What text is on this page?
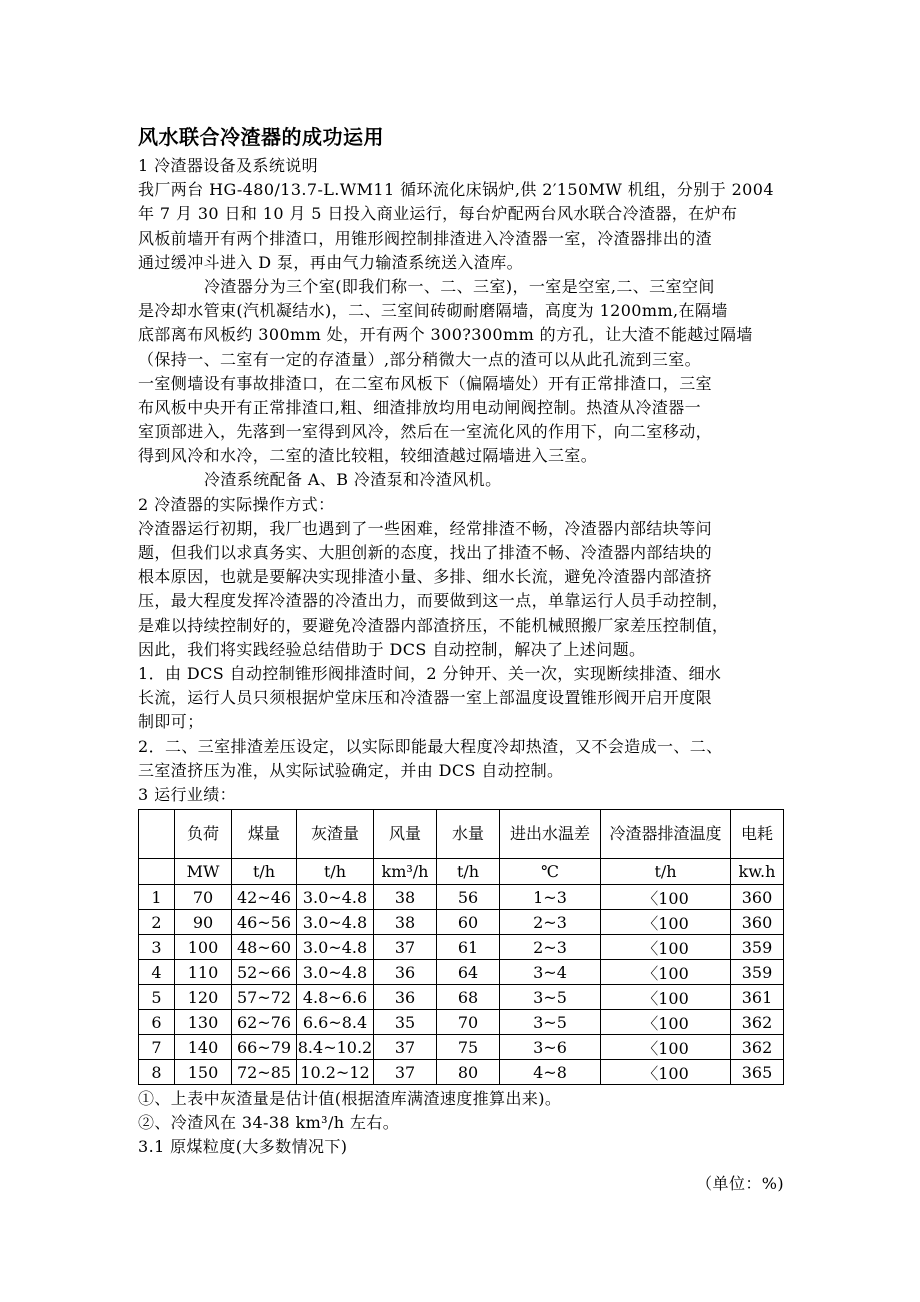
风水联合冷渣器的成功运用
1 冷渣器设备及系统说明
我厂两台 HG-480/13.7-L.WM11 循环流化床锅炉,供 2′150MW 机组，分别于 2004
年 7 月 30 日和 10 月 5 日投入商业运行，每台炉配两台风水联合冷渣器，在炉布
风板前墙开有两个排渣口，用锥形阀控制排渣进入冷渣器一室，冷渣器排出的渣
通过缓冲斗进入 D 泵，再由气力输渣系统送入渣库。
冷渣器分为三个室(即我们称一、二、三室)，一室是空室,二、三室空间
是冷却水管束(汽机凝结水)，二、三室间砖砌耐磨隔墙，高度为 1200mm,在隔墙
底部离布风板约 300mm 处，开有两个 300?300mm 的方孔，让大渣不能越过隔墙
（保持一、二室有一定的存渣量）,部分稍微大一点的渣可以从此孔流到三室。
一室侧墙设有事故排渣口，在二室布风板下（偏隔墙处）开有正常排渣口，三室
布风板中央开有正常排渣口,粗、细渣排放均用电动闸阀控制。热渣从冷渣器一
室顶部进入，先落到一室得到风冷，然后在一室流化风的作用下，向二室移动，
得到风冷和水冷，二室的渣比较粗，较细渣越过隔墙进入三室。
冷渣系统配备 A、B 冷渣泵和冷渣风机。
2 冷渣器的实际操作方式：
冷渣器运行初期，我厂也遇到了一些困难，经常排渣不畅，冷渣器内部结块等问
题，但我们以求真务实、大胆创新的态度，找出了排渣不畅、冷渣器内部结块的
根本原因，也就是要解决实现排渣小量、多排、细水长流，避免冷渣器内部渣挤
压，最大程度发挥冷渣器的冷渣出力，而要做到这一点，单靠运行人员手动控制，
是难以持续控制好的，要避免冷渣器内部渣挤压，不能机械照搬厂家差压控制值，
因此，我们将实践经验总结借助于 DCS 自动控制，解决了上述问题。
1．由 DCS 自动控制锥形阀排渣时间，2 分钟开、关一次，实现断续排渣、细水
长流，运行人员只须根据炉堂床压和冷渣器一室上部温度设置锥形阀开启开度限
制即可；
2．二、三室排渣差压设定，以实际即能最大程度冷却热渣，又不会造成一、二、
三室渣挤压为准，从实际试验确定，并由 DCS 自动控制。
3 运行业绩：
	负荷	煤量	灰渣量	风量	水量	进出水温差	冷渣器排渣温度	电耗
	MW	t/h	t/h	km³/h	t/h	℃	t/h	kw.h
1	70	42~46	3.0~4.8	38	56	1~3	〈100	360
2	90	46~56	3.0~4.8	38	60	2~3	〈100	360
3	100	48~60	3.0~4.8	37	61	2~3	〈100	359
4	110	52~66	3.0~4.8	36	64	3~4	〈100	359
5	120	57~72	4.8~6.6	36	68	3~5	〈100	361
6	130	62~76	6.6~8.4	35	70	3~5	〈100	362
7	140	66~79	8.4~10.2	37	75	3~6	〈100	362
8	150	72~85	10.2~12	37	80	4~8	〈100	365
①、上表中灰渣量是估计值(根据渣库满渣速度推算出来)。
②、冷渣风在 34-38 km³/h 左右。
3.1 原煤粒度(大多数情况下)
（单位：%)
